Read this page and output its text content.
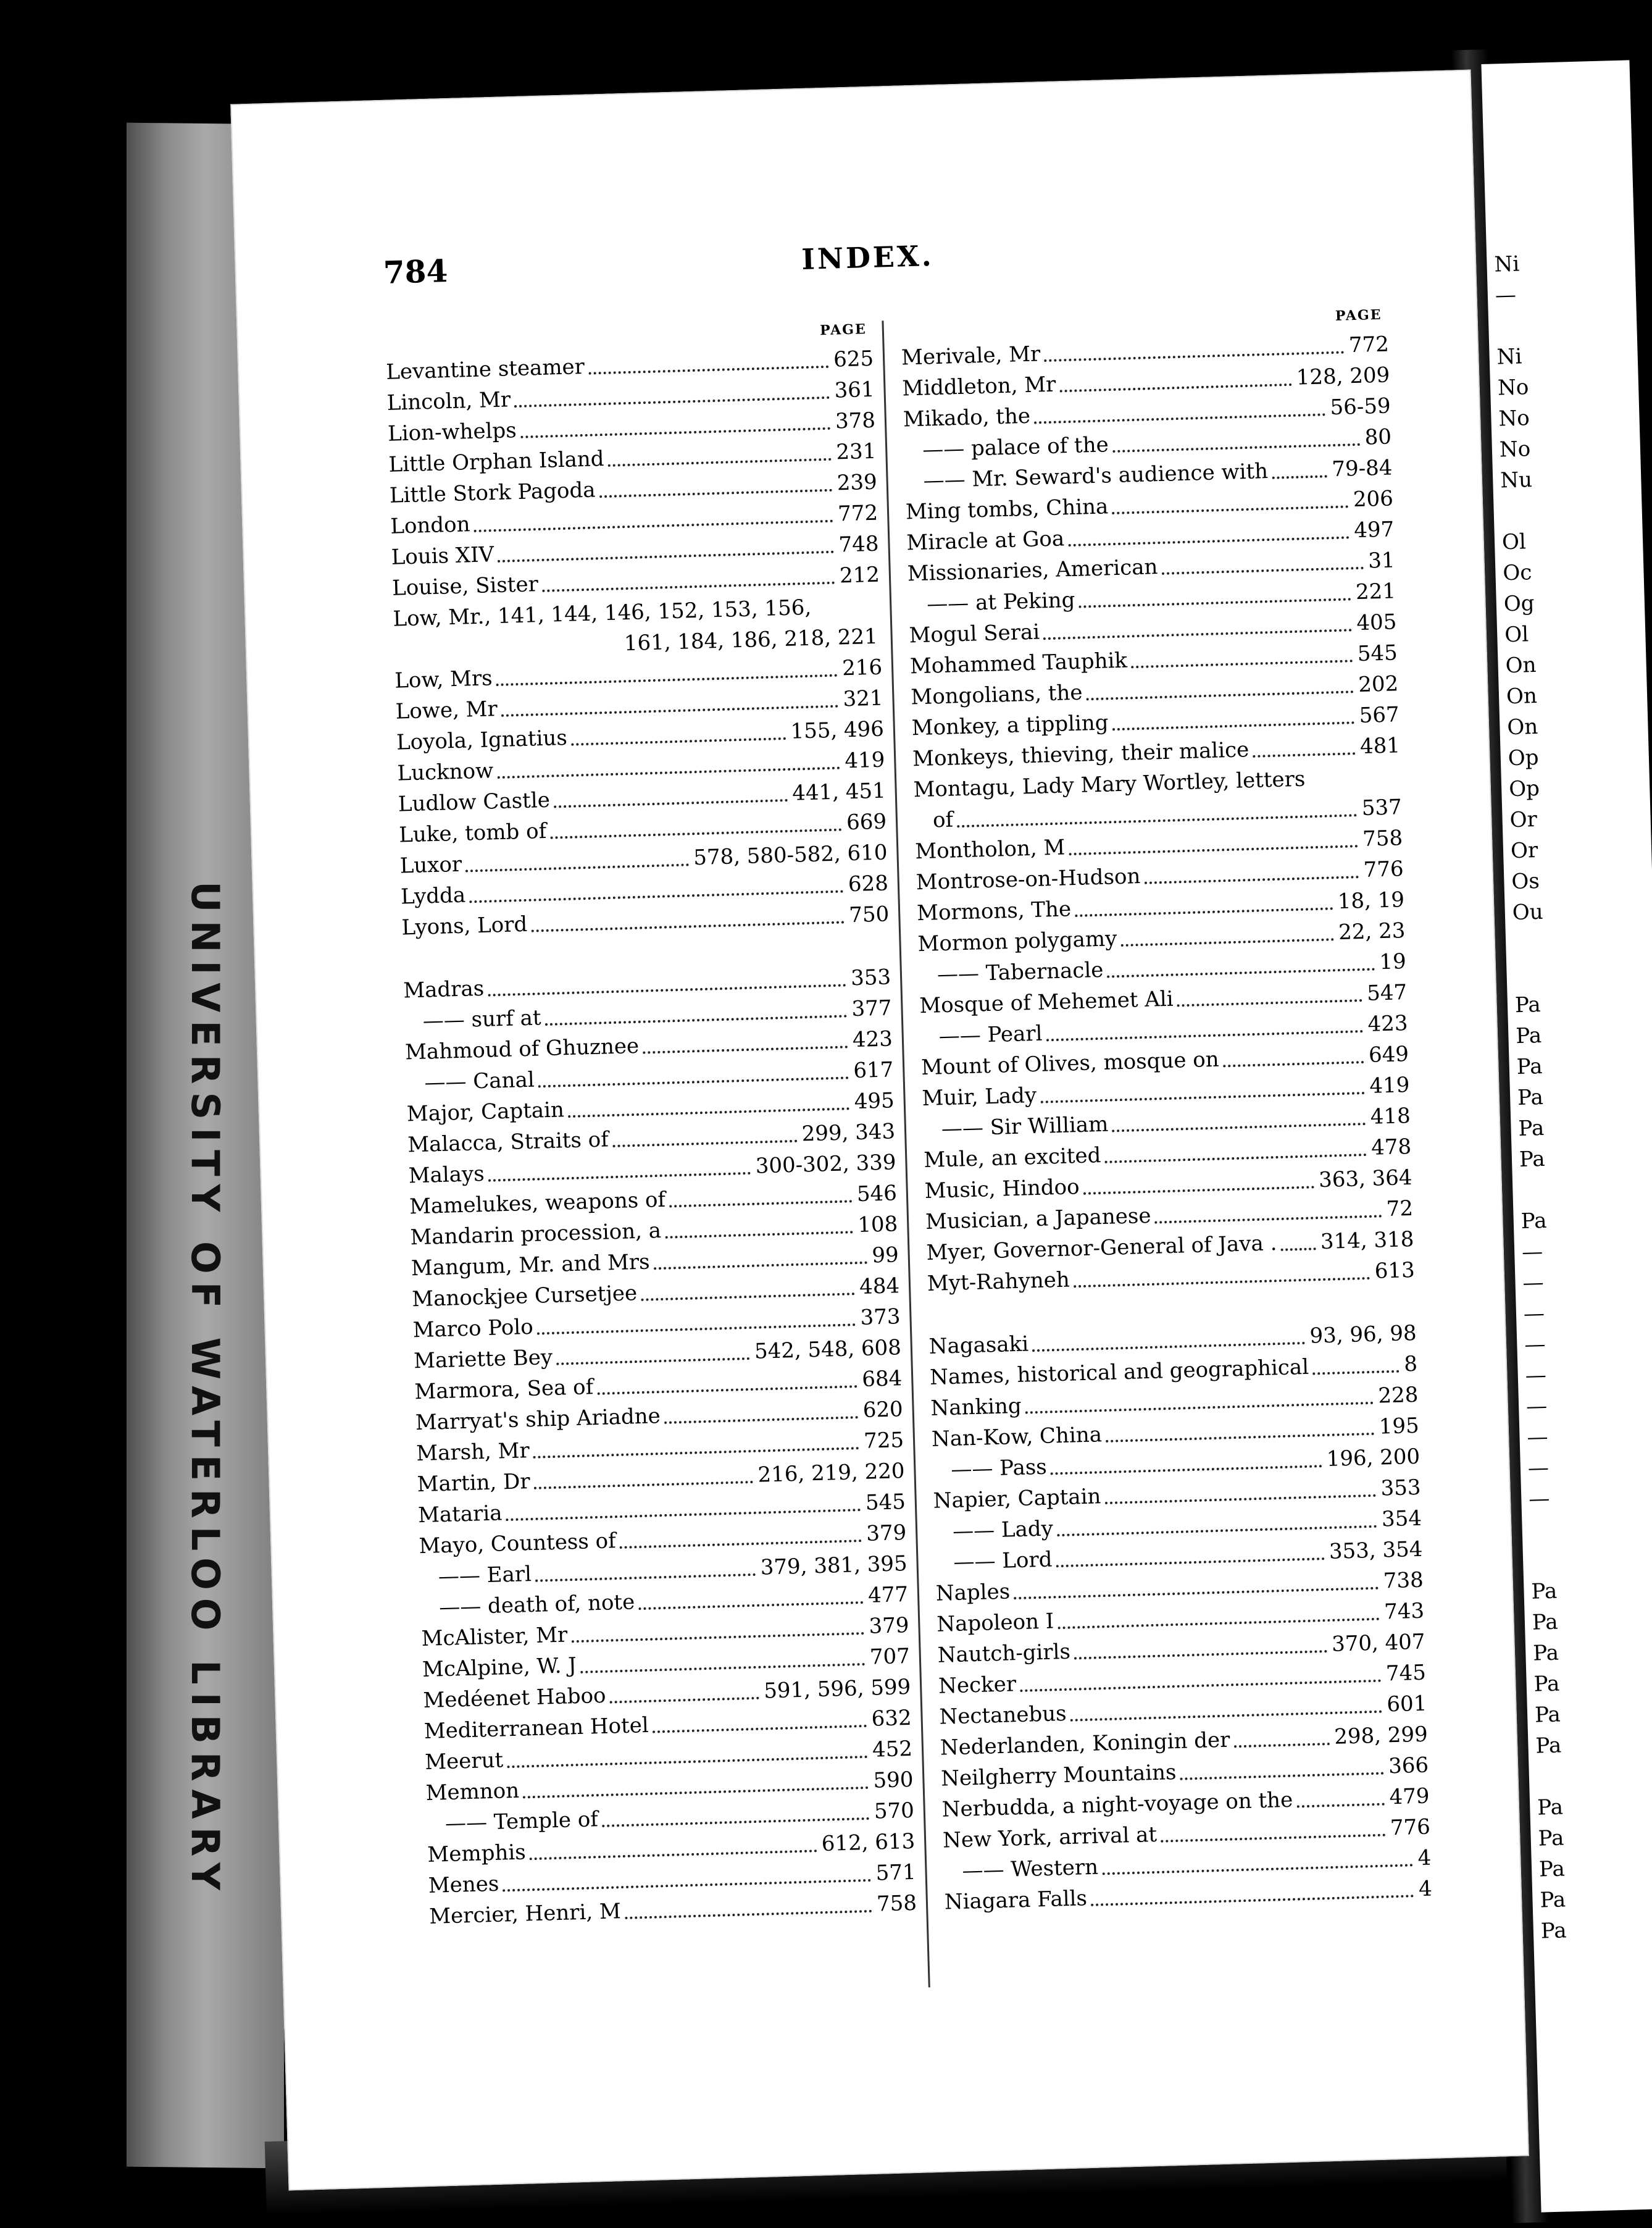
Ni
—
Ni
No
No
No
Nu
Ol
Oc
Og
Ol
On
On
On
Op
Op
Or
Or
Os
Ou
Pa
Pa
Pa
Pa
Pa
Pa
Pa
—
—
—
—
—
—
—
—
—
Pa
Pa
Pa
Pa
Pa
Pa
Pa
Pa
Pa
Pa
Pa
UNIVERSITY OF WATERLOO LIBRARY
INDEX.
784
PAGE
Levantine steamer	625
Lincoln, Mr	361
Lion-whelps	378
Little Orphan Island	231
Little Stork Pagoda	239
London	772
Louis XIV	748
Louise, Sister	212
Low, Mr., 141, 144, 146, 152, 153, 156,
161, 184, 186, 218, 221
Low, Mrs	216
Lowe, Mr	321
Loyola, Ignatius	155, 496
Lucknow	419
Ludlow Castle	441, 451
Luke, tomb of	669
Luxor	578, 580-582, 610
Lydda	628
Lyons, Lord	750
Madras	353
—— surf at	377
Mahmoud of Ghuznee	423
—— Canal	617
Major, Captain	495
Malacca, Straits of	299, 343
Malays	300-302, 339
Mamelukes, weapons of	546
Mandarin procession, a	108
Mangum, Mr. and Mrs	99
Manockjee Cursetjee	484
Marco Polo	373
Mariette Bey	542, 548, 608
Marmora, Sea of	684
Marryat's ship Ariadne	620
Marsh, Mr	725
Martin, Dr	216, 219, 220
Mataria	545
Mayo, Countess of	379
—— Earl	379, 381, 395
—— death of, note	477
McAlister, Mr	379
McAlpine, W. J	707
Medéenet Haboo	591, 596, 599
Mediterranean Hotel	632
Meerut	452
Memnon	590
—— Temple of	570
Memphis	612, 613
Menes	571
Mercier, Henri, M	758
PAGE
Merivale, Mr	772
Middleton, Mr	128, 209
Mikado, the	56-59
—— palace of the	80
—— Mr. Seward's audience with	79-84
Ming tombs, China	206
Miracle at Goa	497
Missionaries, American	31
—— at Peking	221
Mogul Serai	405
Mohammed Tauphik	545
Mongolians, the	202
Monkey, a tippling	567
Monkeys, thieving, their malice	481
Montagu, Lady Mary Wortley, letters
of	537
Montholon, M	758
Montrose-on-Hudson	776
Mormons, The	18, 19
Mormon polygamy	22, 23
—— Tabernacle	19
Mosque of Mehemet Ali	547
—— Pearl	423
Mount of Olives, mosque on	649
Muir, Lady	419
—— Sir William	418
Mule, an excited	478
Music, Hindoo	363, 364
Musician, a Japanese	72
Myer, Governor-General of Java . 314, 318
Myt-Rahyneh	613
Nagasaki	93, 96, 98
Names, historical and geographical	8
Nanking	228
Nan-Kow, China	195
—— Pass	196, 200
Napier, Captain	353
—— Lady	354
—— Lord	353, 354
Naples	738
Napoleon I	743
Nautch-girls	370, 407
Necker	745
Nectanebus	601
Nederlanden, Koningin der	298, 299
Neilgherry Mountains	366
Nerbudda, a night-voyage on the	479
New York, arrival at	776
—— Western	4
Niagara Falls	4
